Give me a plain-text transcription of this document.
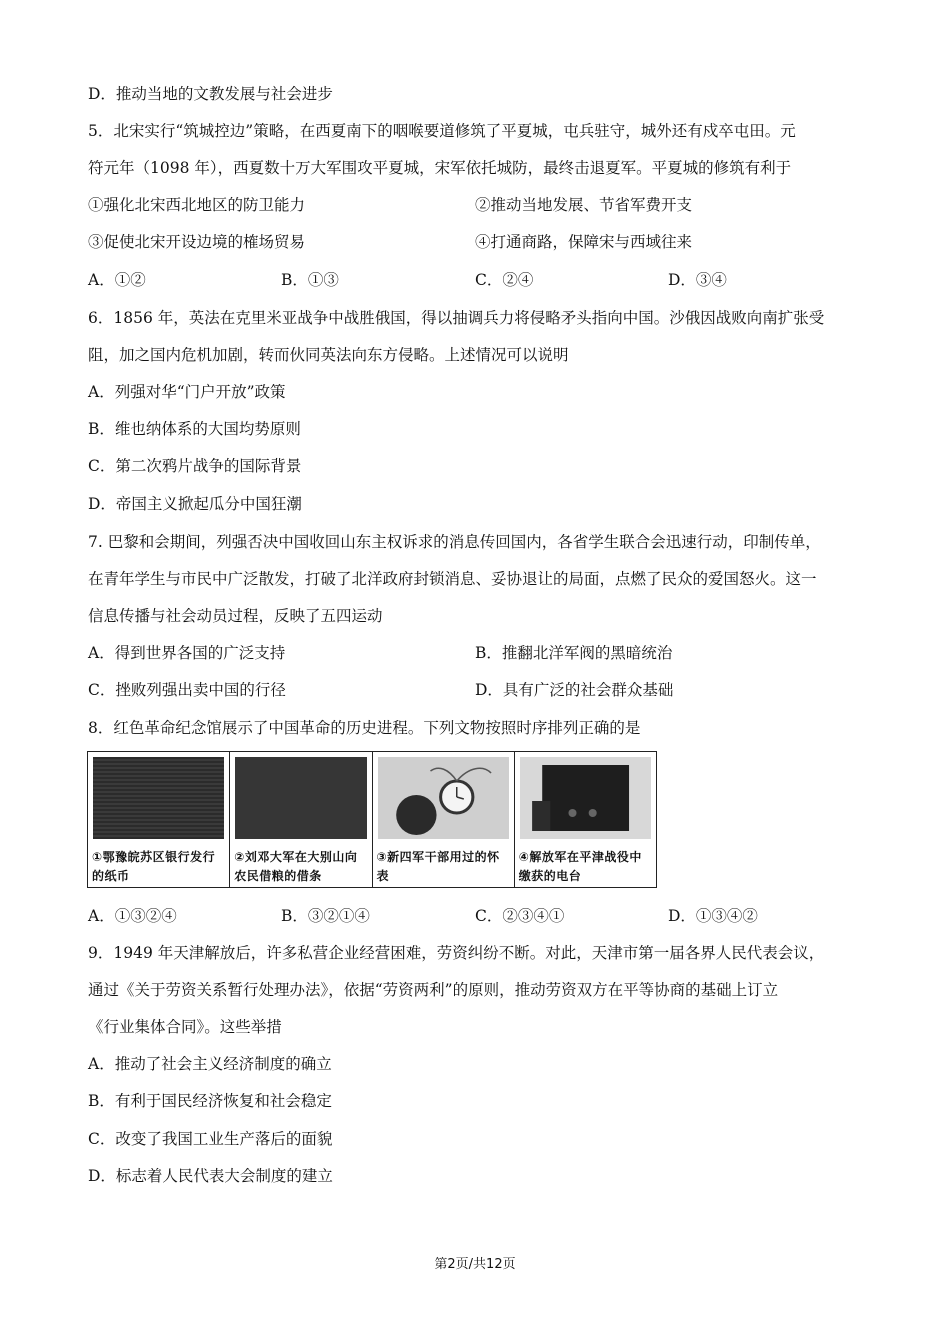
D．推动当地的文教发展与社会进步
5．北宋实行“筑城控边”策略，在西夏南下的咽喉要道修筑了平夏城，屯兵驻守，城外还有戍卒屯田。元
符元年（1098 年），西夏数十万大军围攻平夏城，宋军依托城防，最终击退夏军。平夏城的修筑有利于
6．1856 年，英法在克里米亚战争中战胜俄国，得以抽调兵力将侵略矛头指向中国。沙俄因战败向南扩张受
阻，加之国内危机加剧，转而伙同英法向东方侵略。上述情况可以说明
A．列强对华“门户开放”政策
B．维也纳体系的大国均势原则
C．第二次鸦片战争的国际背景
D．帝国主义掀起瓜分中国狂潮
7. 巴黎和会期间，列强否决中国收回山东主权诉求的消息传回国内，各省学生联合会迅速行动，印制传单，
在青年学生与市民中广泛散发，打破了北洋政府封锁消息、妥协退让的局面，点燃了民众的爱国怒火。这一
信息传播与社会动员过程，反映了五四运动
8．红色革命纪念馆展示了中国革命的历史进程。下列文物按照时序排列正确的是
9．1949 年天津解放后，许多私营企业经营困难，劳资纠纷不断。对此，天津市第一届各界人民代表会议，
通过《关于劳资关系暂行处理办法》，依据“劳资两利”的原则，推动劳资双方在平等协商的基础上订立
《行业集体合同》。这些举措
A．推动了社会主义经济制度的确立
B．有利于国民经济恢复和社会稳定
C．改变了我国工业生产落后的面貌
D．标志着人民代表大会制度的建立
①强化北宋西北地区的防卫能力	②推动当地发展、节省军费开支
③促使北宋开设边境的榷场贸易	④打通商路，保障宋与西域往来
A．①②	B．①③	C．②④	D．③④
A．得到世界各国的广泛支持	B．推翻北洋军阀的黑暗统治
C．挫败列强出卖中国的行径	D．具有广泛的社会群众基础
A．①③②④	B．③②①④	C．②③④①	D．①③④②
①鄂豫皖苏区银行发行的纸币
②刘邓大军在大别山向农民借粮的借条
③新四军干部用过的怀表
④解放军在平津战役中缴获的电台
第2页/共12页
